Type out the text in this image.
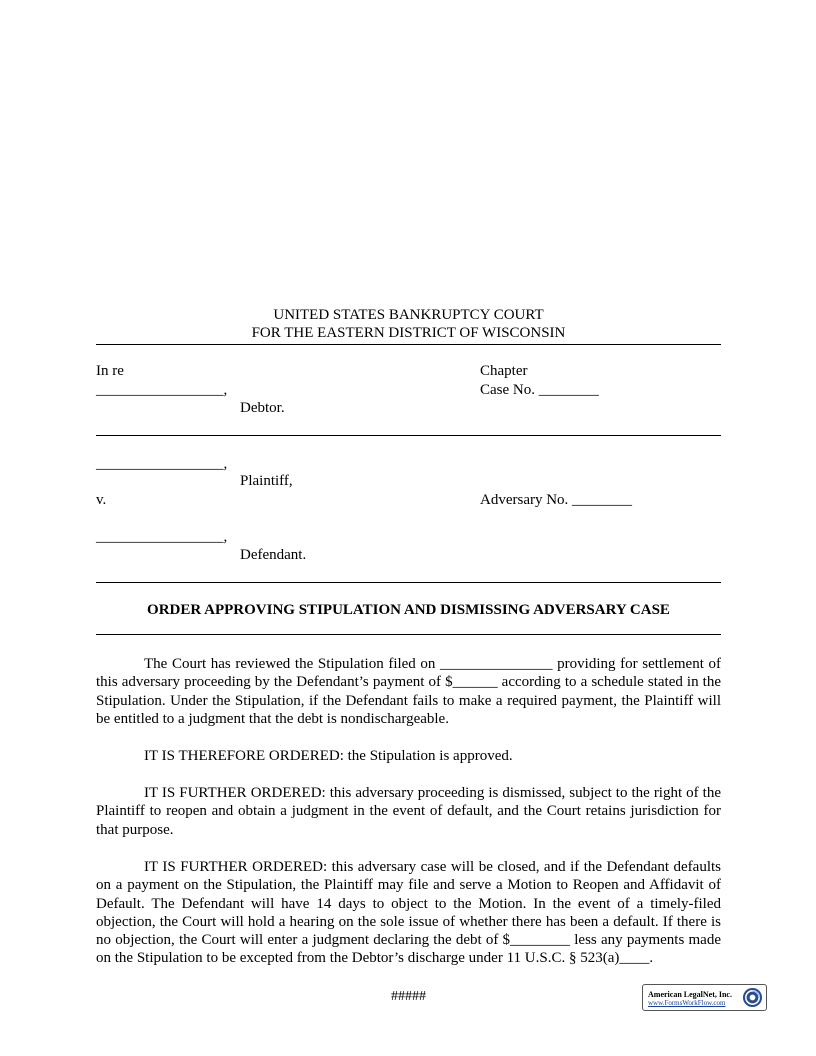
UNITED STATES BANKRUPTCY COURT
FOR THE EASTERN DISTRICT OF WISCONSIN
In re
_________________,
Debtor.
Chapter
Case No. ________
_________________,
Plaintiff,
v.	Adversary No. ________
_________________,
Defendant.
ORDER APPROVING STIPULATION AND DISMISSING ADVERSARY CASE
The Court has reviewed the Stipulation filed on _______________ providing for settlement of this adversary proceeding by the Defendant’s payment of $______ according to a schedule stated in the Stipulation. Under the Stipulation, if the Defendant fails to make a required payment, the Plaintiff will be entitled to a judgment that the debt is nondischargeable.
IT IS THEREFORE ORDERED: the Stipulation is approved.
IT IS FURTHER ORDERED: this adversary proceeding is dismissed, subject to the right of the Plaintiff to reopen and obtain a judgment in the event of default, and the Court retains jurisdiction for that purpose.
IT IS FURTHER ORDERED: this adversary case will be closed, and if the Defendant defaults on a payment on the Stipulation, the Plaintiff may file and serve a Motion to Reopen and Affidavit of Default. The Defendant will have 14 days to object to the Motion. In the event of a timely-filed objection, the Court will hold a hearing on the sole issue of whether there has been a default. If there is no objection, the Court will enter a judgment declaring the debt of $________ less any payments made on the Stipulation to be excepted from the Debtor’s discharge under 11 U.S.C. § 523(a)____.
#####	American LegalNet, Inc.
www.FormsWorkFlow.com
